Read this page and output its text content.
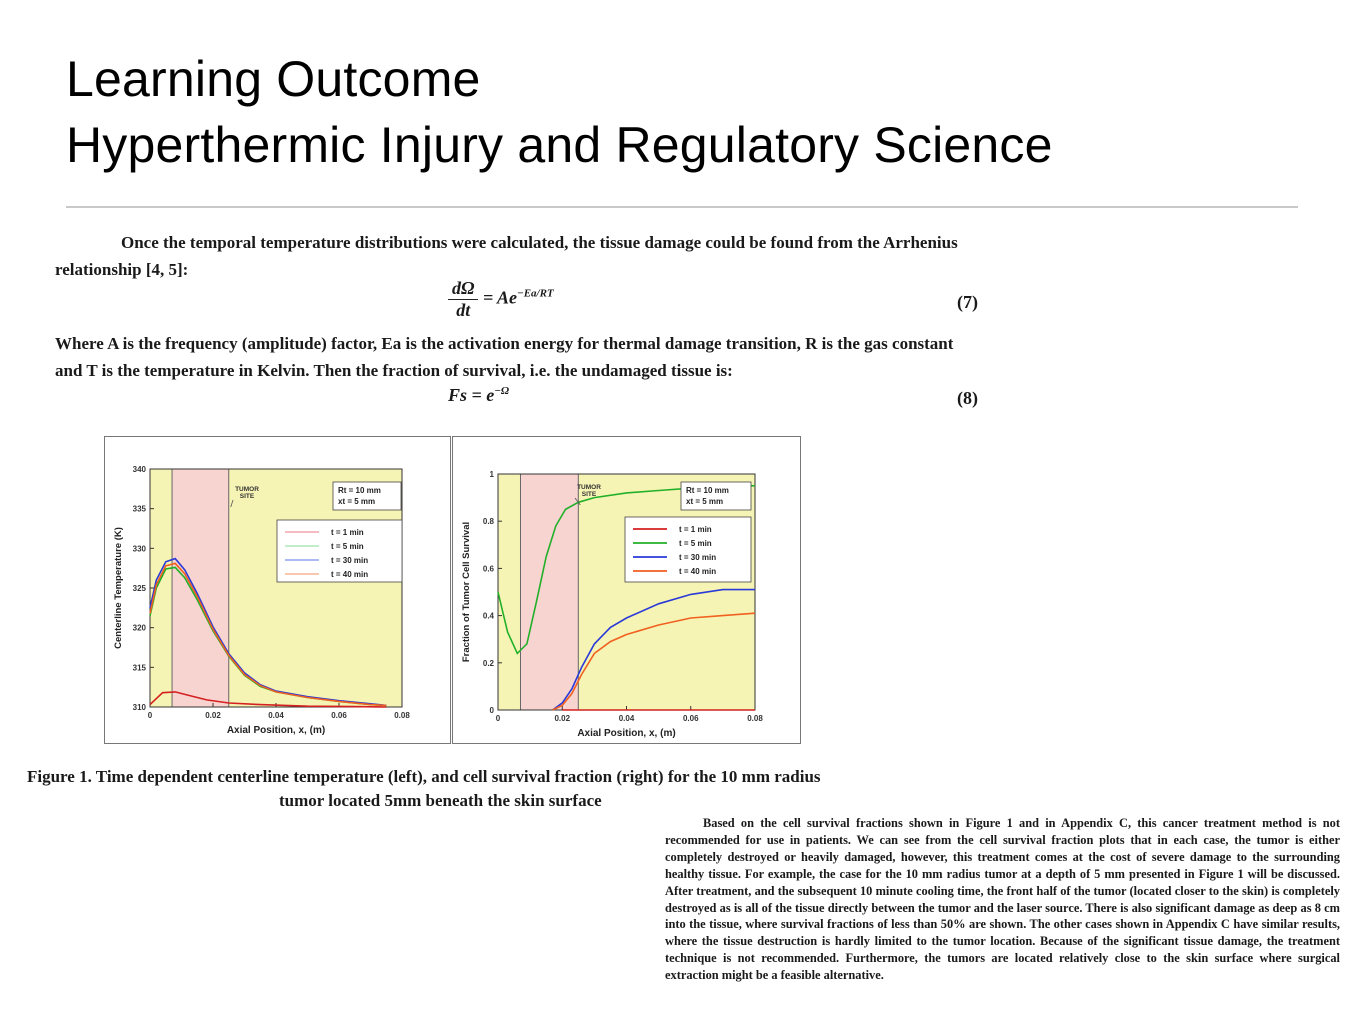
Learning Outcome
Hyperthermic Injury and Regulatory Science
Once the temporal temperature distributions were calculated, the tissue damage could be found from the Arrhenius relationship [4, 5]:
$\frac{d\Omega}{dt} = Ae^{-Ea/RT}$	(7)
Where A is the frequency (amplitude) factor, Ea is the activation energy for thermal damage transition, R is the gas constant and T is the temperature in Kelvin. Then the fraction of survival, i.e. the undamaged tissue is:
$Fs = e^{-\Omega}$	(8)
0	0.02	0.04	0.06	0.08
310
315
320
325
330
335
340
Axial Position, x, (m)
Centerline Temperature (K)
TUMOR
SITE
Rt = 10 mm
xt = 5 mm
t = 1 min
t = 5 min
t = 30 min
t = 40 min
0	0.02	0.04	0.06	0.08
0
0.2
0.4
0.6
0.8
1
Axial Position, x, (m)
Fraction of Tumor Cell Survival
TUMOR
SITE	Rt = 10 mm
xt = 5 mm
t = 1 min
t = 5 min
t = 30 min
t = 40 min
Figure 1. Time dependent centerline temperature (left), and cell survival fraction (right) for the 10 mm radius
tumor located 5mm beneath the skin surface
Based on the cell survival fractions shown in Figure 1 and in Appendix C, this cancer treatment method is not recommended for use in patients. We can see from the cell survival fraction plots that in each case, the tumor is either completely destroyed or heavily damaged, however, this treatment comes at the cost of severe damage to the surrounding healthy tissue. For example, the case for the 10 mm radius tumor at a depth of 5 mm presented in Figure 1 will be discussed. After treatment, and the subsequent 10 minute cooling time, the front half of the tumor (located closer to the skin) is completely destroyed as is all of the tissue directly between the tumor and the laser source. There is also significant damage as deep as 8 cm into the tissue, where survival fractions of less than 50% are shown. The other cases shown in Appendix C have similar results, where the tissue destruction is hardly limited to the tumor location. Because of the significant tissue damage, the treatment technique is not recommended. Furthermore, the tumors are located relatively close to the skin surface where surgical extraction might be a feasible alternative.
